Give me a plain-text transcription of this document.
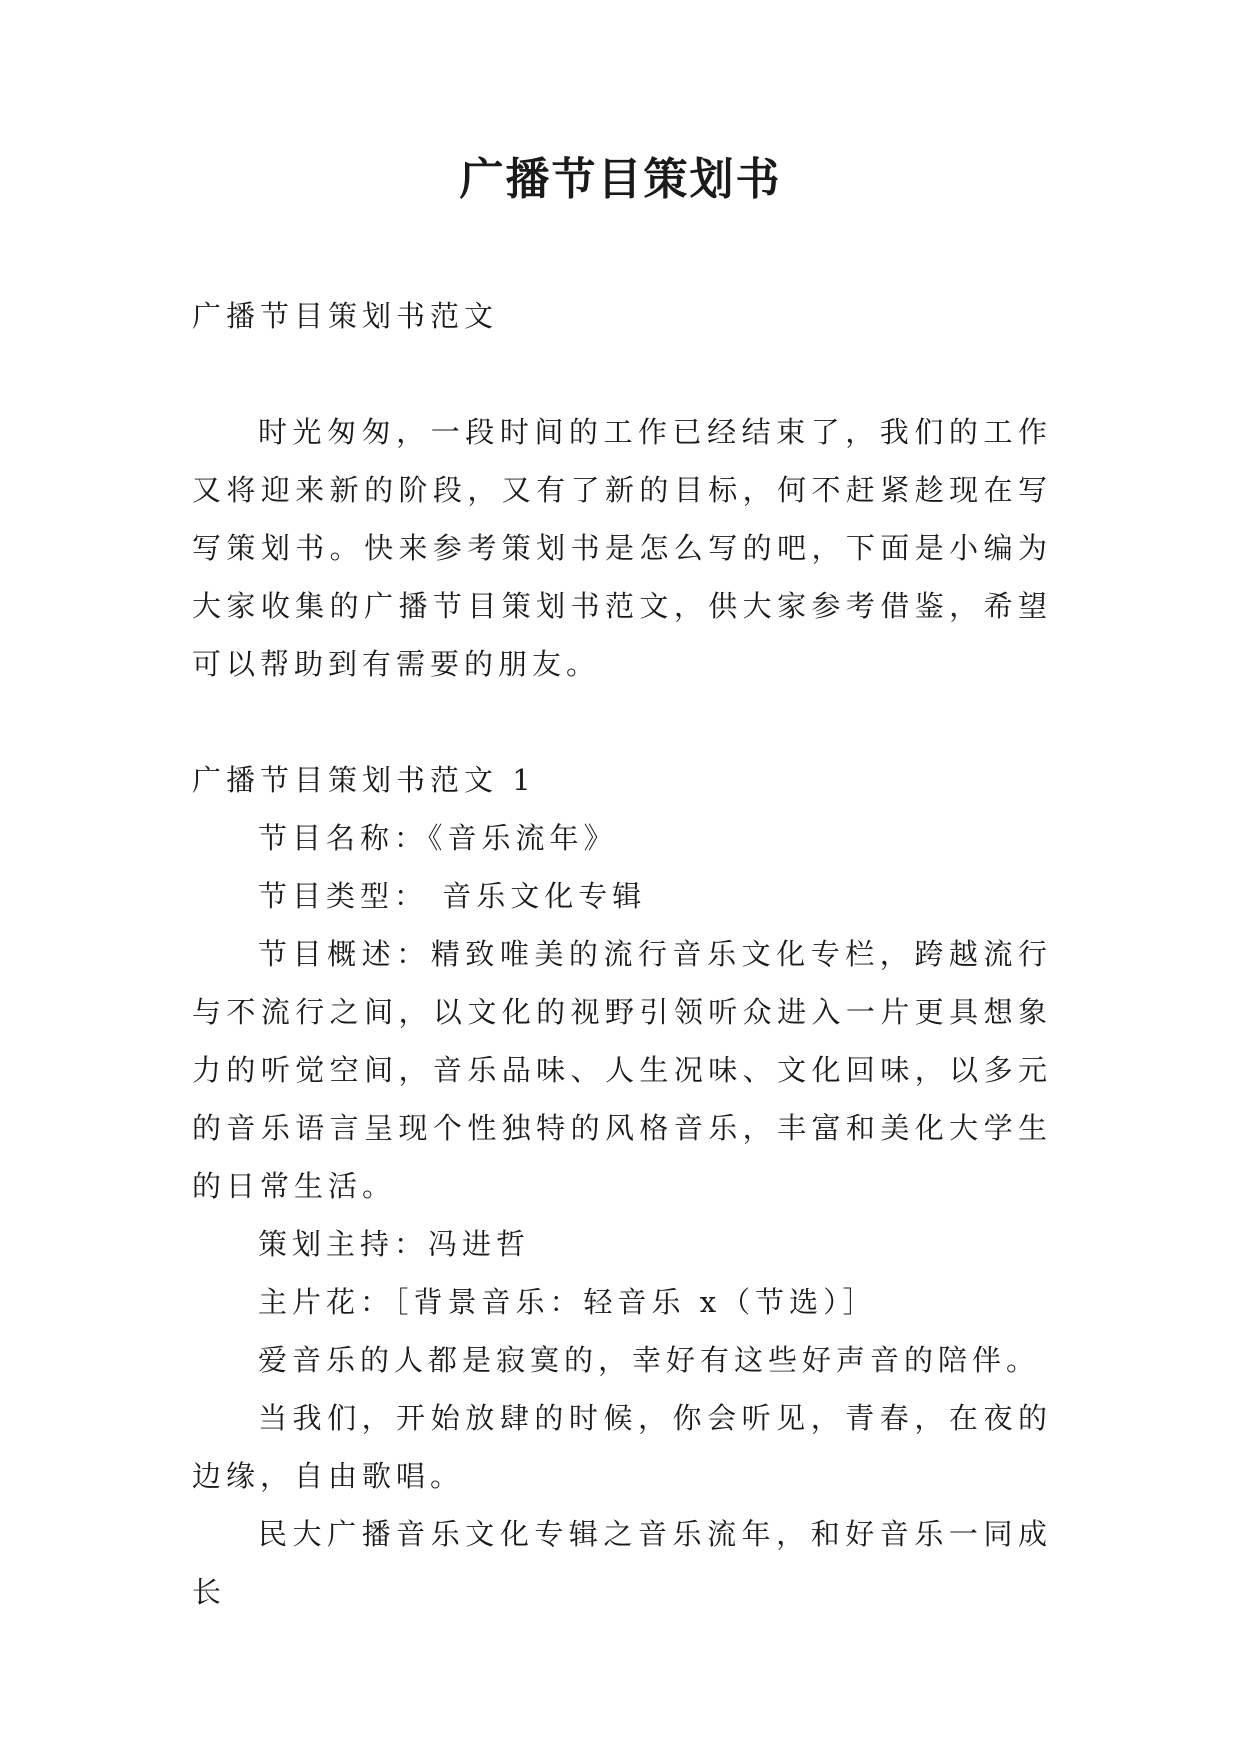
广播节目策划书

广播节目策划书范文

时光匆匆，一段时间的工作已经结束了，我们的工作又将迎来新的阶段，又有了新的目标，何不赶紧趁现在写写策划书。快来参考策划书是怎么写的吧，下面是小编为大家收集的广播节目策划书范文，供大家参考借鉴，希望可以帮助到有需要的朋友。

广播节目策划书范文 1

节目名称：《音乐流年》

节目类型： 音乐文化专辑

节目概述：精致唯美的流行音乐文化专栏，跨越流行与不流行之间，以文化的视野引领听众进入一片更具想象力的听觉空间，音乐品味、人生况味、文化回味，以多元的音乐语言呈现个性独特的风格音乐，丰富和美化大学生的日常生活。

策划主持：冯进哲

主片花：［背景音乐：轻音乐 x（节选）］

爱音乐的人都是寂寞的，幸好有这些好声音的陪伴。

当我们，开始放肆的时候，你会听见，青春，在夜的边缘，自由歌唱。

民大广播音乐文化专辑之音乐流年，和好音乐一同成长
